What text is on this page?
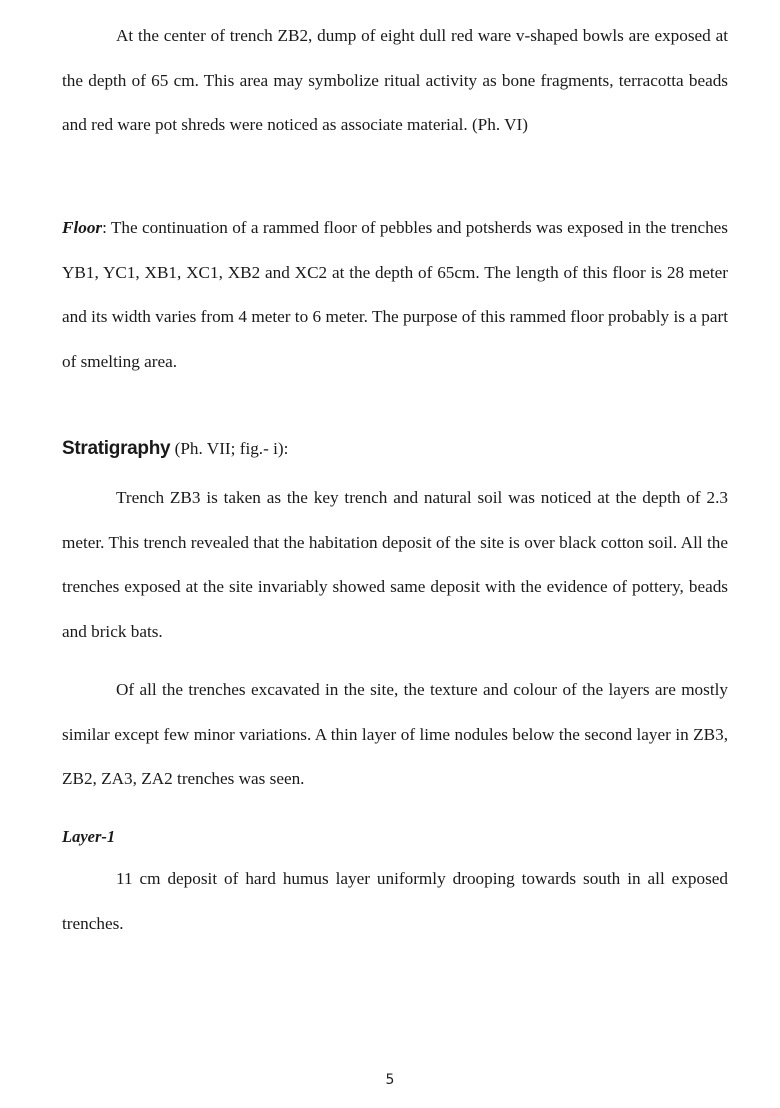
At the center of trench ZB2, dump of eight dull red ware v-shaped bowls are exposed at the depth of 65 cm. This area may symbolize ritual activity as bone fragments, terracotta beads and red ware pot shreds were noticed as associate material. (Ph. VI)

Floor: The continuation of a rammed floor of pebbles and potsherds was exposed in the trenches YB1, YC1, XB1, XC1, XB2 and XC2 at the depth of 65cm. The length of this floor is 28 meter and its width varies from 4 meter to 6 meter. The purpose of this rammed floor probably is a part of smelting area.

Stratigraphy (Ph. VII; fig.- i):

Trench ZB3 is taken as the key trench and natural soil was noticed at the depth of 2.3 meter. This trench revealed that the habitation deposit of the site is over black cotton soil. All the trenches exposed at the site invariably showed same deposit with the evidence of pottery, beads and brick bats.

Of all the trenches excavated in the site, the texture and colour of the layers are mostly similar except few minor variations. A thin layer of lime nodules below the second layer in ZB3, ZB2, ZA3, ZA2 trenches was seen.

Layer-1

11 cm deposit of hard humus layer uniformly drooping towards south in all exposed trenches.

5
